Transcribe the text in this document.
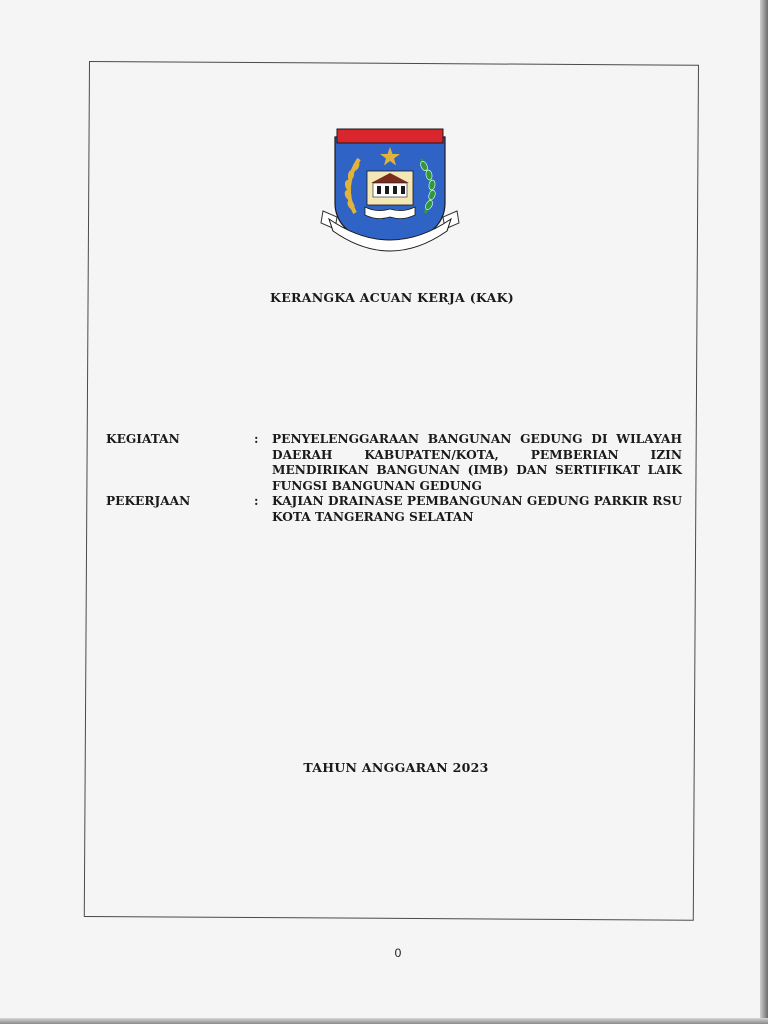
KERANGKA ACUAN KERJA (KAK)
KEGIATAN	: PENYELENGGARAAN BANGUNAN GEDUNG DI WILAYAH DAERAH KABUPATEN/KOTA, PEMBERIAN IZIN MENDIRIKAN BANGUNAN (IMB) DAN SERTIFIKAT LAIK FUNGSI BANGUNAN GEDUNG
PEKERJAAN	: KAJIAN DRAINASE PEMBANGUNAN GEDUNG PARKIR RSU KOTA TANGERANG SELATAN
TAHUN ANGGARAN 2023
0
